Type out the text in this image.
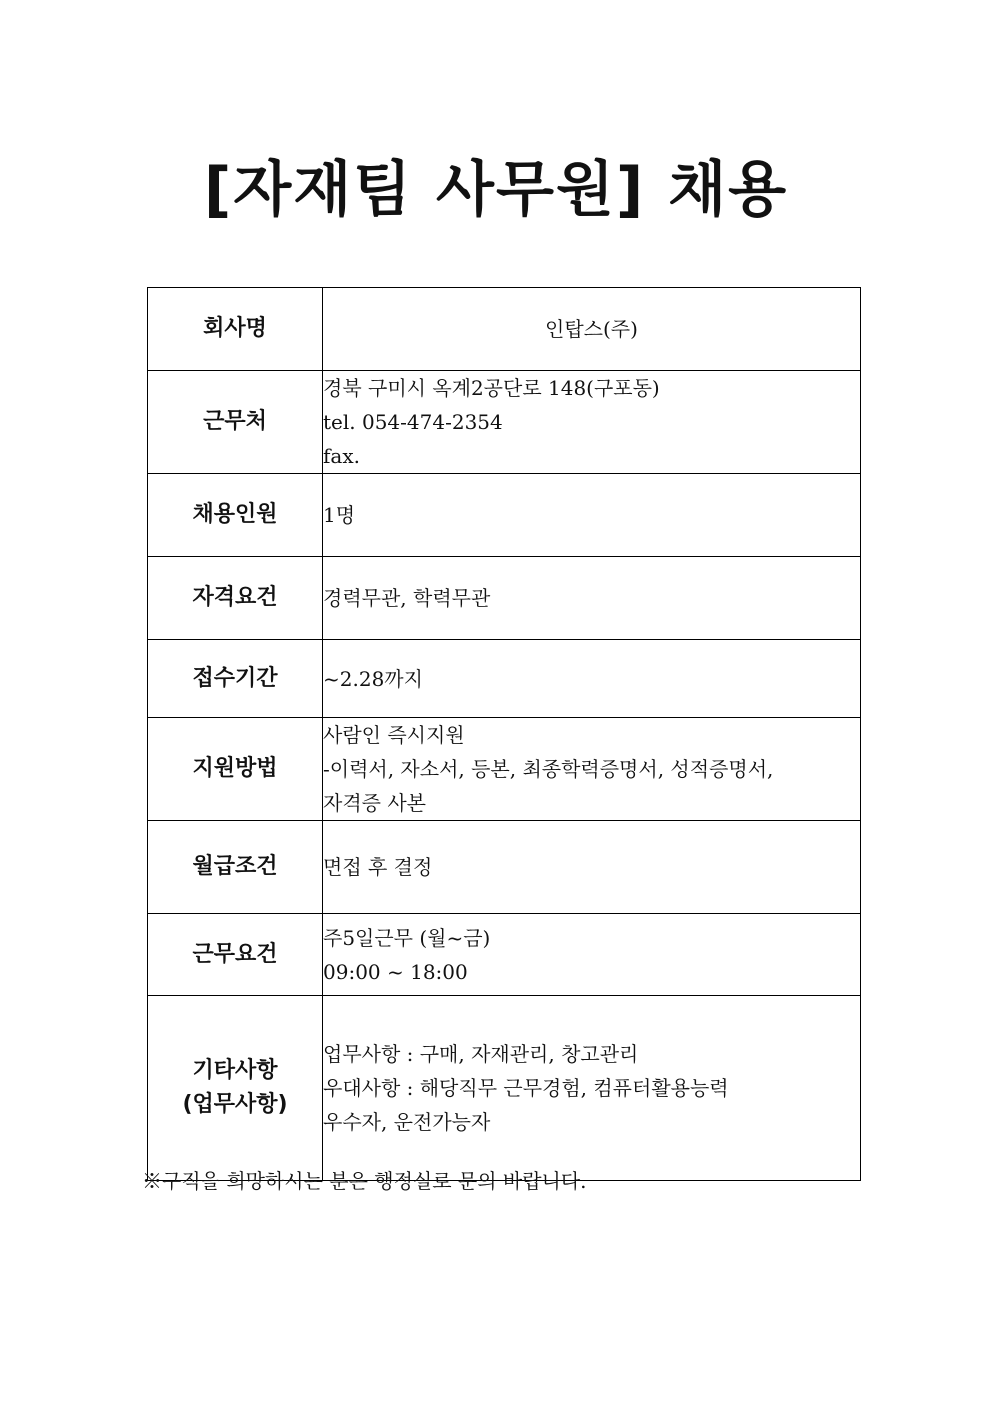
[자재팀 사무원] 채용
회사명	인탑스(주)

근무처	경북 구미시 옥계2공단로 148(구포동)
tel. 054-474-2354
fax.

채용인원	1명

자격요건	경력무관, 학력무관

접수기간	~2.28까지

지원방법	사람인 즉시지원
-이력서, 자소서, 등본, 최종학력증명서, 성적증명서,
자격증 사본

월급조건	면접 후 결정

근무요건	주5일근무 (월~금)
09:00 ~ 18:00

기타사항
(업무사항)	업무사항 : 구매, 자재관리, 창고관리
우대사항 : 해당직무 근무경험, 컴퓨터활용능력
우수자, 운전가능자
※구직을 희망하시는 분은 행정실로 문의 바랍니다.
